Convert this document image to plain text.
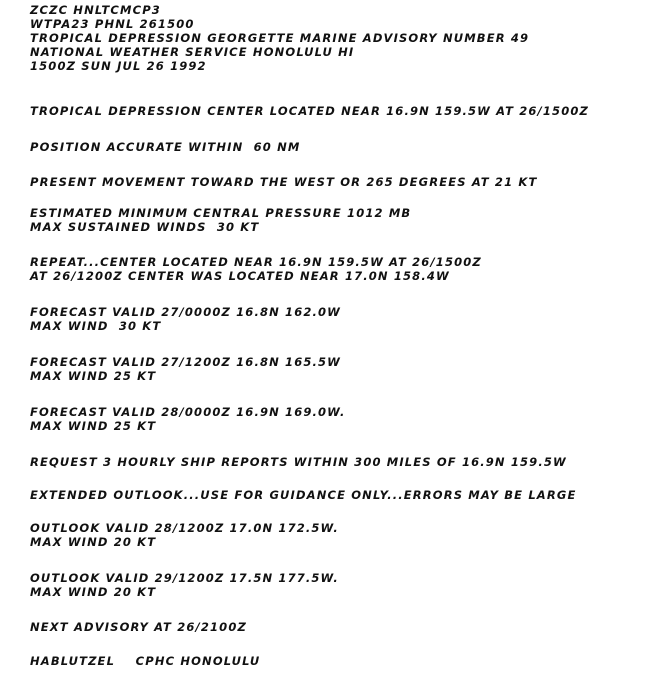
ZCZC HNLTCMCP3
WTPA23 PHNL 261500
TROPICAL DEPRESSION GEORGETTE MARINE ADVISORY NUMBER 49
NATIONAL WEATHER SERVICE HONOLULU HI
1500Z SUN JUL 26 1992
TROPICAL DEPRESSION CENTER LOCATED NEAR 16.9N 159.5W AT 26/1500Z
POSITION ACCURATE WITHIN  60 NM
PRESENT MOVEMENT TOWARD THE WEST OR 265 DEGREES AT 21 KT
ESTIMATED MINIMUM CENTRAL PRESSURE 1012 MB
MAX SUSTAINED WINDS  30 KT
REPEAT...CENTER LOCATED NEAR 16.9N 159.5W AT 26/1500Z
AT 26/1200Z CENTER WAS LOCATED NEAR 17.0N 158.4W
FORECAST VALID 27/0000Z 16.8N 162.0W
MAX WIND  30 KT
FORECAST VALID 27/1200Z 16.8N 165.5W
MAX WIND 25 KT
FORECAST VALID 28/0000Z 16.9N 169.0W.
MAX WIND 25 KT
REQUEST 3 HOURLY SHIP REPORTS WITHIN 300 MILES OF 16.9N 159.5W
EXTENDED OUTLOOK...USE FOR GUIDANCE ONLY...ERRORS MAY BE LARGE
OUTLOOK VALID 28/1200Z 17.0N 172.5W.
MAX WIND 20 KT
OUTLOOK VALID 29/1200Z 17.5N 177.5W.
MAX WIND 20 KT
NEXT ADVISORY AT 26/2100Z
HABLUTZEL    CPHC HONOLULU
